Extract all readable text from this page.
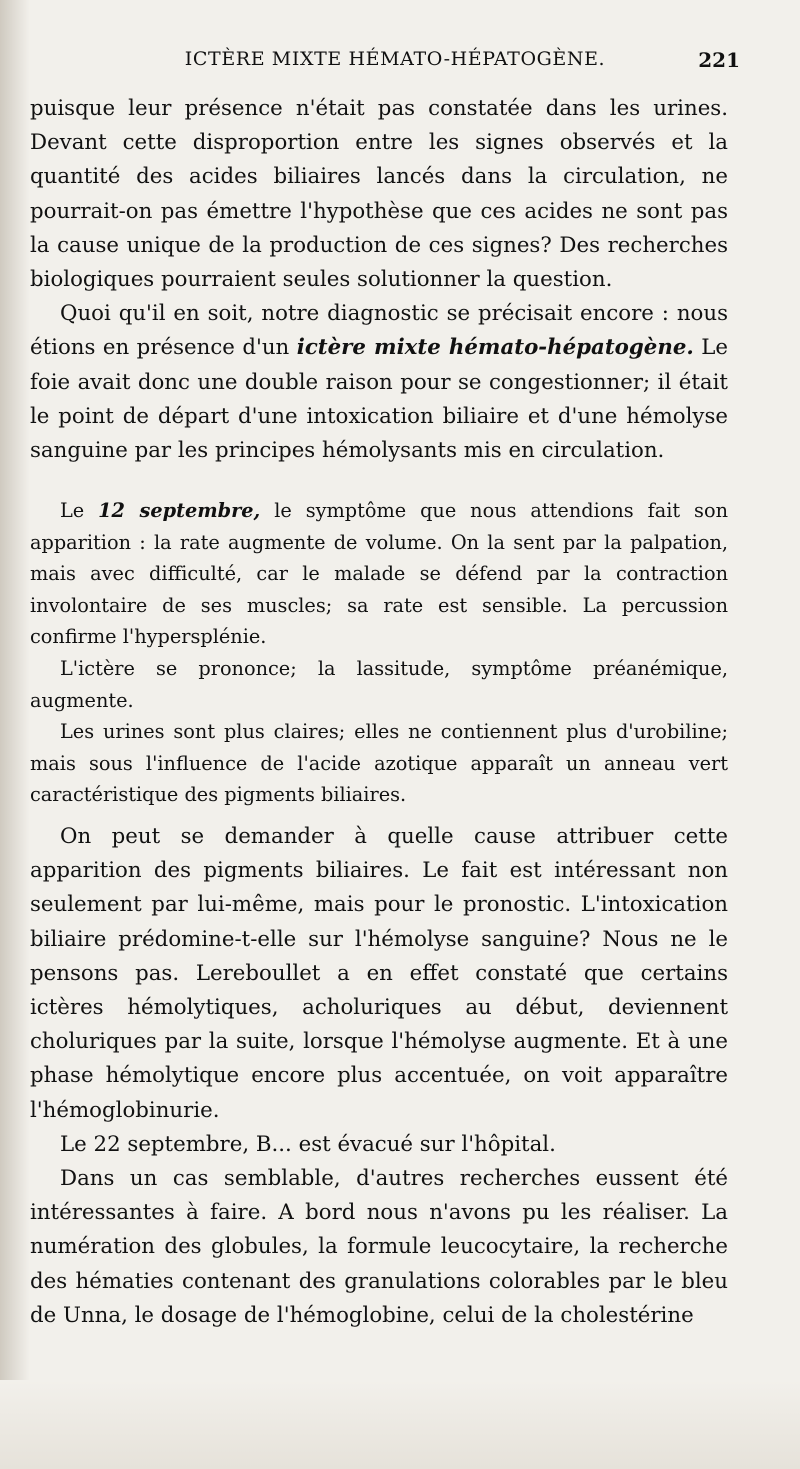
ICTÈRE MIXTE HÉMATO-HÉPATOGÈNE.	221

puisque leur présence n'était pas constatée dans les urines. Devant cette disproportion entre les signes observés et la quantité des acides biliaires lancés dans la circulation, ne pourrait-on pas émettre l'hypothèse que ces acides ne sont pas la cause unique de la production de ces signes? Des recherches biologiques pourraient seules solutionner la question.

Quoi qu'il en soit, notre diagnostic se précisait encore : nous étions en présence d'un ictère mixte hémato-hépatogène. Le foie avait donc une double raison pour se congestionner; il était le point de départ d'une intoxication biliaire et d'une hémolyse sanguine par les principes hémolysants mis en circulation.

Le 12 septembre, le symptôme que nous attendions fait son apparition : la rate augmente de volume. On la sent par la palpation, mais avec difficulté, car le malade se défend par la contraction involontaire de ses muscles; sa rate est sensible. La percussion confirme l'hypersplénie.

L'ictère se prononce; la lassitude, symptôme préanémique, augmente.

Les urines sont plus claires; elles ne contiennent plus d'urobiline; mais sous l'influence de l'acide azotique apparaît un anneau vert caractéristique des pigments biliaires.

On peut se demander à quelle cause attribuer cette apparition des pigments biliaires. Le fait est intéressant non seulement par lui-même, mais pour le pronostic. L'intoxication biliaire prédomine-t-elle sur l'hémolyse sanguine? Nous ne le pensons pas. Lereboullet a en effet constaté que certains ictères hémolytiques, acholuriques au début, deviennent choluriques par la suite, lorsque l'hémolyse augmente. Et à une phase hémolytique encore plus accentuée, on voit apparaître l'hémoglobinurie.

Le 22 septembre, B... est évacué sur l'hôpital.

Dans un cas semblable, d'autres recherches eussent été intéressantes à faire. A bord nous n'avons pu les réaliser. La numération des globules, la formule leucocytaire, la recherche des hématies contenant des granulations colorables par le bleu de Unna, le dosage de l'hémoglobine, celui de la cholestérine
